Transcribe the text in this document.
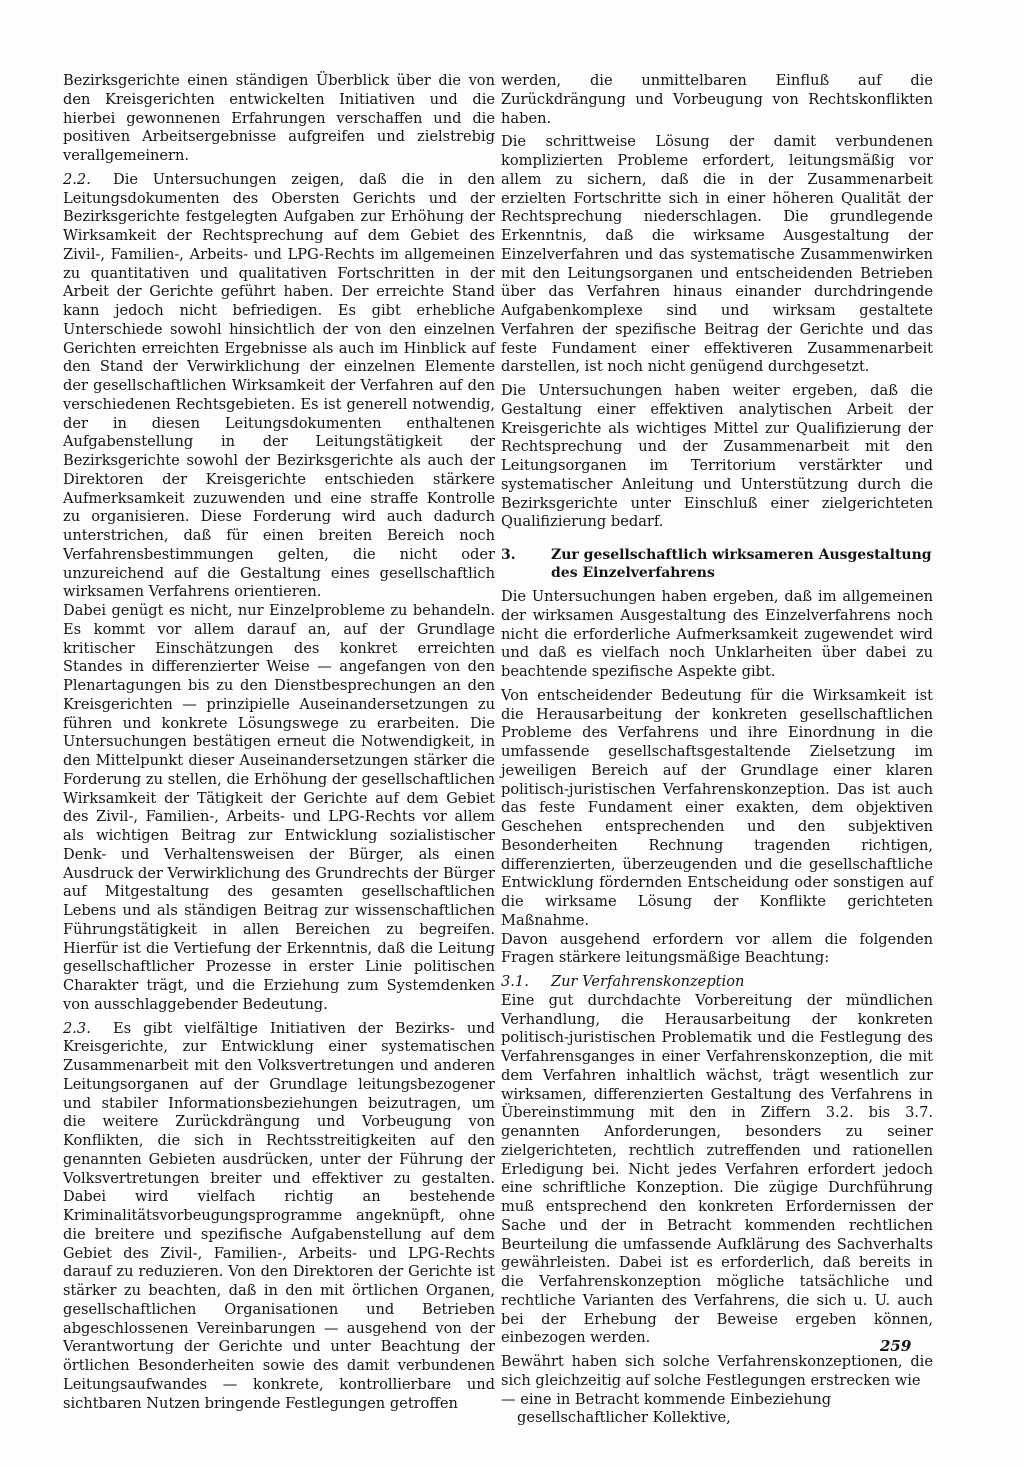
Bezirksgerichte einen ständigen Überblick über die von den Kreisgerichten entwickelten Initiativen und die hierbei gewonnenen Erfahrungen verschaffen und die positiven Arbeitsergebnisse aufgreifen und zielstrebig verallgemeinern.

2.2. Die Untersuchungen zeigen, daß die in den Leitungsdokumenten des Obersten Gerichts und der Bezirksgerichte festgelegten Aufgaben zur Erhöhung der Wirksamkeit der Rechtsprechung auf dem Gebiet des Zivil-, Familien-, Arbeits- und LPG-Rechts im allgemeinen zu quantitativen und qualitativen Fortschritten in der Arbeit der Gerichte geführt haben. Der erreichte Stand kann jedoch nicht befriedigen. Es gibt erhebliche Unterschiede sowohl hinsichtlich der von den einzelnen Gerichten erreichten Ergebnisse als auch im Hinblick auf den Stand der Verwirklichung der einzelnen Elemente der gesellschaftlichen Wirksamkeit der Verfahren auf den verschiedenen Rechtsgebieten. Es ist generell notwendig, der in diesen Leitungsdokumenten enthaltenen Aufgabenstellung in der Leitungstätigkeit der Bezirksgerichte sowohl der Bezirksgerichte als auch der Direktoren der Kreisgerichte entschieden stärkere Aufmerksamkeit zuzuwenden und eine straffe Kontrolle zu organisieren. Diese Forderung wird auch dadurch unterstrichen, daß für einen breiten Bereich noch Verfahrensbestimmungen gelten, die nicht oder unzureichend auf die Gestaltung eines gesellschaftlich wirksamen Verfahrens orientieren.

Dabei genügt es nicht, nur Einzelprobleme zu behandeln. Es kommt vor allem darauf an, auf der Grundlage kritischer Einschätzungen des konkret erreichten Standes in differenzierter Weise — angefangen von den Plenartagungen bis zu den Dienstbesprechungen an den Kreisgerichten — prinzipielle Auseinandersetzungen zu führen und konkrete Lösungswege zu erarbeiten. Die Untersuchungen bestätigen erneut die Notwendigkeit, in den Mittelpunkt dieser Auseinandersetzungen stärker die Forderung zu stellen, die Erhöhung der gesellschaftlichen Wirksamkeit der Tätigkeit der Gerichte auf dem Gebiet des Zivil-, Familien-, Arbeits- und LPG-Rechts vor allem als wichtigen Beitrag zur Entwicklung sozialistischer Denk- und Verhaltensweisen der Bürger, als einen Ausdruck der Verwirklichung des Grundrechts der Bürger auf Mitgestaltung des gesamten gesellschaftlichen Lebens und als ständigen Beitrag zur wissenschaftlichen Führungstätigkeit in allen Bereichen zu begreifen. Hierfür ist die Vertiefung der Erkenntnis, daß die Leitung gesellschaftlicher Prozesse in erster Linie politischen Charakter trägt, und die Erziehung zum Systemdenken von ausschlaggebender Bedeutung.

2.3. Es gibt vielfältige Initiativen der Bezirks- und Kreisgerichte, zur Entwicklung einer systematischen Zusammenarbeit mit den Volksvertretungen und anderen Leitungsorganen auf der Grundlage leitungsbezogener und stabiler Informationsbeziehungen beizutragen, um die weitere Zurückdrängung und Vorbeugung von Konflikten, die sich in Rechtsstreitigkeiten auf den genannten Gebieten ausdrücken, unter der Führung der Volksvertretungen breiter und effektiver zu gestalten. Dabei wird vielfach richtig an bestehende Kriminalitätsvorbeugungsprogramme angeknüpft, ohne die breitere und spezifische Aufgabenstellung auf dem Gebiet des Zivil-, Familien-, Arbeits- und LPG-Rechts darauf zu reduzieren. Von den Direktoren der Gerichte ist stärker zu beachten, daß in den mit örtlichen Organen, gesellschaftlichen Organisationen und Betrieben abgeschlossenen Vereinbarungen — ausgehend von der Verantwortung der Gerichte und unter Beachtung der örtlichen Besonderheiten sowie des damit verbundenen Leitungsaufwandes — konkrete, kontrollierbare und sichtbaren Nutzen bringende Festlegungen getroffen

werden, die unmittelbaren Einfluß auf die Zurückdrängung und Vorbeugung von Rechtskonflikten haben.

Die schrittweise Lösung der damit verbundenen komplizierten Probleme erfordert, leitungsmäßig vor allem zu sichern, daß die in der Zusammenarbeit erzielten Fortschritte sich in einer höheren Qualität der Rechtsprechung niederschlagen. Die grundlegende Erkenntnis, daß die wirksame Ausgestaltung der Einzelverfahren und das systematische Zusammenwirken mit den Leitungsorganen und entscheidenden Betrieben über das Verfahren hinaus einander durchdringende Aufgabenkomplexe sind und wirksam gestaltete Verfahren der spezifische Beitrag der Gerichte und das feste Fundament einer effektiveren Zusammenarbeit darstellen, ist noch nicht genügend durchgesetzt.

Die Untersuchungen haben weiter ergeben, daß die Gestaltung einer effektiven analytischen Arbeit der Kreisgerichte als wichtiges Mittel zur Qualifizierung der Rechtsprechung und der Zusammenarbeit mit den Leitungsorganen im Territorium verstärkter und systematischer Anleitung und Unterstützung durch die Bezirksgerichte unter Einschluß einer zielgerichteten Qualifizierung bedarf.

3.	Zur gesellschaftlich wirksameren Ausgestaltung des Einzelverfahrens

Die Untersuchungen haben ergeben, daß im allgemeinen der wirksamen Ausgestaltung des Einzelverfahrens noch nicht die erforderliche Aufmerksamkeit zugewendet wird und daß es vielfach noch Unklarheiten über dabei zu beachtende spezifische Aspekte gibt.

Von entscheidender Bedeutung für die Wirksamkeit ist die Herausarbeitung der konkreten gesellschaftlichen Probleme des Verfahrens und ihre Einordnung in die umfassende gesellschaftsgestaltende Zielsetzung im jeweiligen Bereich auf der Grundlage einer klaren politisch-juristischen Verfahrenskonzeption. Das ist auch das feste Fundament einer exakten, dem objektiven Geschehen entsprechenden und den subjektiven Besonderheiten Rechnung tragenden richtigen, differenzierten, überzeugenden und die gesellschaftliche Entwicklung fördernden Entscheidung oder sonstigen auf die wirksame Lösung der Konflikte gerichteten Maßnahme.

Davon ausgehend erfordern vor allem die folgenden Fragen stärkere leitungsmäßige Beachtung:

3.1. Zur Verfahrenskonzeption

Eine gut durchdachte Vorbereitung der mündlichen Verhandlung, die Herausarbeitung der konkreten politisch-juristischen Problematik und die Festlegung des Verfahrensganges in einer Verfahrenskonzeption, die mit dem Verfahren inhaltlich wächst, trägt wesentlich zur wirksamen, differenzierten Gestaltung des Verfahrens in Übereinstimmung mit den in Ziffern 3.2. bis 3.7. genannten Anforderungen, besonders zu seiner zielgerichteten, rechtlich zutreffenden und rationellen Erledigung bei. Nicht jedes Verfahren erfordert jedoch eine schriftliche Konzeption. Die zügige Durchführung muß entsprechend den konkreten Erfordernissen der Sache und der in Betracht kommenden rechtlichen Beurteilung die umfassende Aufklärung des Sachverhalts gewährleisten. Dabei ist es erforderlich, daß bereits in die Verfahrenskonzeption mögliche tatsächliche und rechtliche Varianten des Verfahrens, die sich u. U. auch bei der Erhebung der Beweise ergeben können, einbezogen werden.

Bewährt haben sich solche Verfahrenskonzeptionen, die sich gleichzeitig auf solche Festlegungen erstrecken wie

— eine in Betracht kommende Einbeziehung gesellschaftlicher Kollektive,

259
